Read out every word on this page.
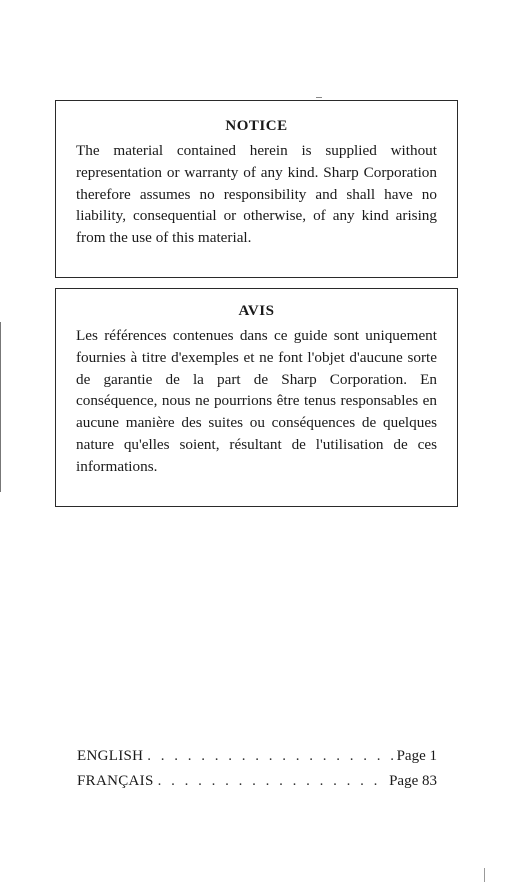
NOTICE

The material contained herein is supplied without representation or warranty of any kind. Sharp Corporation therefore assumes no responsibility and shall have no liability, consequential or otherwise, of any kind arising from the use of this material.

AVIS

Les références contenues dans ce guide sont uniquement fournies à titre d'exemples et ne font l'objet d'aucune sorte de garantie de la part de Sharp Corporation. En conséquence, nous ne pourrions être tenus responsables en aucune manière des suites ou conséquences de quelques nature qu'elles soient, résultant de l'utilisation de ces informations.

ENGLISH . . .	Page 1
FRANÇAIS . . .	Page 83
